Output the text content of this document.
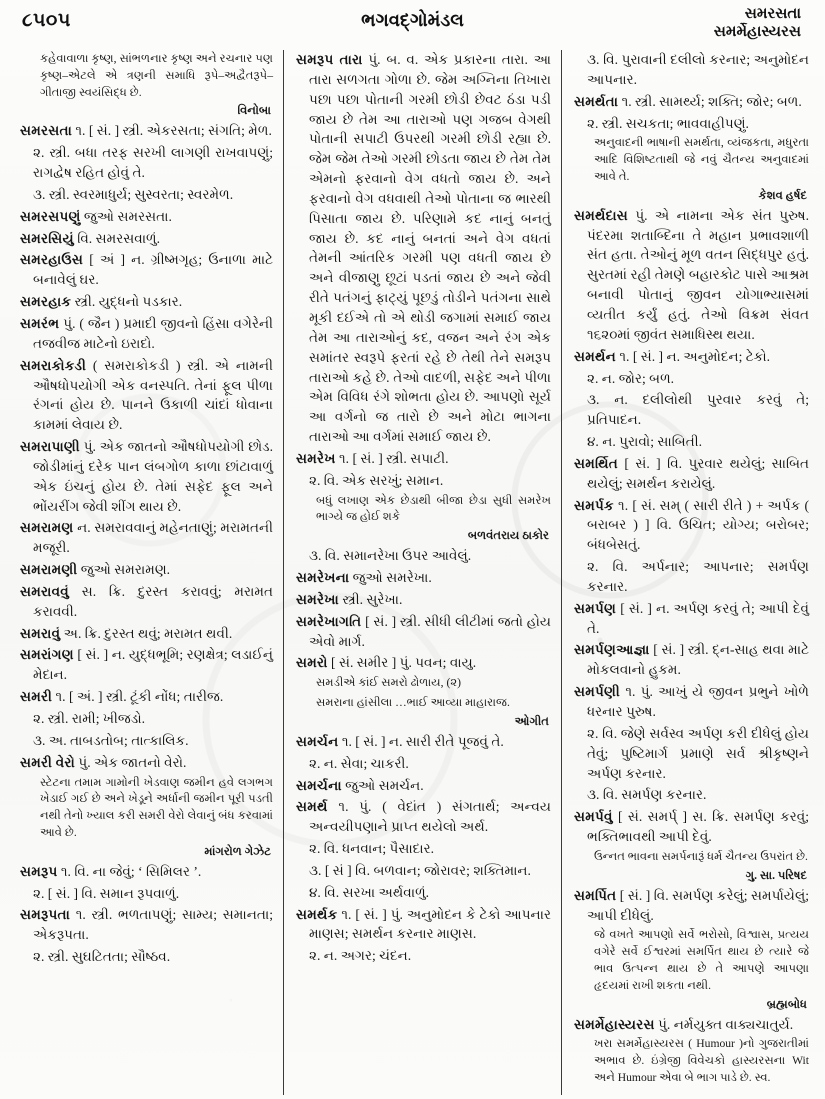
૮૫૦૫	ભગવદ્ગોમંડલ	સમરસતા
સમર્મેહાસ્યરસ

કહેવાવાળા કૃષ્ણ, સાંભળનાર કૃષ્ણ અને રચનાર પણ કૃષ્ણ–એટલે એ ત્રણની સમાધિ રૂપે–અદ્વૈતરૂપે–ગીતાજી સ્વયંસિદ્ધ છે.

વિનોબા

સમરસતા ૧. [ સં. ] સ્ત્રી. એકરસતા; સંગતિ; મેળ.

૨. સ્ત્રી. બધા તરફ સરખી લાગણી રાખવાપણું; રાગદ્વેષ રહિત હોવું તે.

૩. સ્ત્રી. સ્વરમાધુર્ય; સુસ્વરતા; સ્વરમેળ.

સમરસપણું જુઓ સમરસતા.

સમરસિયું વિ. સમરસવાળું.

સમરહાઉસ [ અં ] ન. ગ્રીષ્મગૃહ; ઉનાળા માટે બનાવેલું ઘર.

સમરહાક સ્ત્રી. યુદ્ધનો પડકાર.

સમરંભ પું. ( જૈન ) પ્રમાદી જીવનો હિંસા વગેરેની તજવીજ માટેનો ઇરાદો.

સમરાકોકડી ( સમરાકોકડી ) સ્ત્રી. એ નામની ઔષધોપયોગી એક વનસ્પતિ. તેનાં ફૂલ પીળા રંગનાં હોય છે. પાનને ઉકાળી ચાંદાં ધોવાના કામમાં લેવાય છે.

સમરાપાણી પું. એક જાતનો ઔષધોપયોગી છોડ. જોડીમાંનું દરેક પાન લંબગોળ કાળા છાંટાવાળું એક ઇંચનું હોય છે. તેમાં સફેદ ફૂલ અને ભોંયરીંગ જેવી શીંગ થાય છે.

સમરામણ ન. સમરાવવાનું મહેનતાણું; મરામતની મજૂરી.

સમરામણી જુઓ સમરામણ.

સમરાવવું સ. ક્રિ. દુરસ્ત કરાવવું; મરામત કરાવવી.

સમરાવું અ. ક્રિ. દુરસ્ત થવું; મરામત થવી.

સમરાંગણ [ સં. ] ન. યુદ્ધભૂમિ; રણક્ષેત્ર; લડાઈનું મેદાન.

સમરી ૧. [ અં. ] સ્ત્રી. ટૂંકી નોંધ; તારીજ.

૨. સ્ત્રી. રામી; ખીજડો.

૩. અ. તાબડતોબ; તાત્કાલિક.

સમરી વેરો પું. એક જાતનો વેરો.

સ્ટેટના તમામ ગામોની ખેડવાણ જમીન હવે લગભગ ખેડાઈ ગઈ છે અને ખેડૂને અર્ધાની જમીન પૂરી પડતી નથી તેનો ખ્યાલ કરી સમરી વેરો લેવાનું બંધ કરવામાં આવે છે.

માંગરોળ ગેઝેટ

સમરૂપ ૧. વિ. ના જેવું; ‘ સિમિલર ’.

૨. [ સં. ] વિ. સમાન રૂપવાળું.

સમરૂપતા ૧. સ્ત્રી. ભળતાપણું; સામ્ય; સમાનતા; એકરૂપતા.

૨. સ્ત્રી. સુઘટિતતા; સૌષ્ઠવ.

સમરૂપ તારા પું. બ. વ. એક પ્રકારના તારા. આ તારા સળગતા ગોળા છે. જેમ અગ્નિના તિખારા પછા પછા પોતાની ગરમી છોડી છેવટ ઠંડા પડી જાય છે તેમ આ તારાઓ પણ ગજબ વેગથી પોતાની સપાટી ઉપરથી ગરમી છોડી રહ્યા છે. જેમ જેમ તેઓ ગરમી છોડતા જાય છે તેમ તેમ એમનો ફરવાનો વેગ વધતો જાય છે. અને ફરવાનો વેગ વધવાથી તેઓ પોતાના જ ભારથી પિસાતા જાય છે. પરિણામે કદ નાનું બનતું જાય છે. કદ નાનું બનતાં અને વેગ વધતાં તેમની આંતરિક ગરમી પણ વધતી જાય છે અને વીજાણુ છૂટાં પડતાં જાય છે અને જેવી રીતે પતંગનું ફાટ્યું પૂછડું તોડીને પતંગના સાથે મૂકી દઈએ તો એ થોડી જગામાં સમાઈ જાય તેમ આ તારાઓનું કદ, વજન અને રંગ એક સમાંતર સ્વરૂપે ફરતાં રહે છે તેથી તેને સમરૂપ તારાઓ કહે છે. તેઓ વાદળી, સફેદ અને પીળા એમ વિવિધ રંગે શોભતા હોય છે. આપણો સૂર્ય આ વર્ગનો જ તારો છે અને મોટા ભાગના તારાઓ આ વર્ગમાં સમાઈ જાય છે.

સમરેખ ૧. [ સં. ] સ્ત્રી. સપાટી.

૨. વિ. એક સરખું; સમાન.

બધું લખાણ એક છેડાથી બીજા છેડા સુધી સમરેખ ભાગ્યે જ હોઈ શકે

બળવંતરાય ઠાકોર

૩. વિ. સમાનરેખા ઉપર આવેલું.

સમરેખના જુઓ સમરેખા.

સમરેખા સ્ત્રી. સુરેખા.

સમરેખાગતિ [ સં. ] સ્ત્રી. સીધી લીટીમાં જતો હોય એવો માર્ગ.

સમરો [ સં. સમીર ] પું. પવન; વાયુ.

સમડીએ કાંઈ સમરો ઢોળાય, (૨)

સમરાના હાંસીલા …ભાઈ આવ્યા માહારાજ.

ઓગીત

સમર્ચન ૧. [ સં. ] ન. સારી રીતે પૂજવું તે.

૨. ન. સેવા; ચાકરી.

સમર્ચના જુઓ સમર્ચન.

સમર્થ ૧. પું. ( વેદાંત ) સંગતાર્થ; અન્વય અન્વયીપણાને પ્રાપ્ત થયેલો અર્થ.

૨. વિ. ધનવાન; પૈસાદાર.

૩. [ સં ] વિ. બળવાન; જોરાવર; શક્તિમાન.

૪. વિ. સરખા અર્થવાળું.

સમર્થક ૧. [ સં. ] પું. અનુમોદન કે ટેકો આપનાર માણસ; સમર્થન કરનાર માણસ.

૨. ન. અગર; ચંદન.

૩. વિ. પુરાવાની દલીલો કરનાર; અનુમોદન આપનાર.

સમર્થતા ૧. સ્ત્રી. સામર્થ્ય; શક્તિ; જોર; બળ.

૨. સ્ત્રી. સચકતા; ભાવવાહીપણું.

અનુવાદની ભાષાની સમર્થતા, વ્યંજકતા, મધુરતા આદિ વિશિષ્ટતાથી જે નવું ચૈતન્ય અનુવાદમાં આવે તે.

કેશવ હર્ષદ

સમર્થદાસ પું. એ નામના એક સંત પુરુષ. પંદરમા શતાબ્દિના તે મહાન પ્રભાવશાળી સંત હતા. તેઓનું મૂળ વતન સિદ્ધપુર હતું. સુરતમાં રહી તેમણે બહારકોટ પાસે આશ્રમ બનાવી પોતાનું જીવન યોગાભ્યાસમાં વ્યતીત કર્યું હતું. તેઓ વિક્રમ સંવત ૧૬૨૦માં જીવંત સમાધિસ્થ થયા.

સમર્થન ૧. [ સં. ] ન. અનુમોદન; ટેકો.

૨. ન. જોર; બળ.

૩. ન. દલીલોથી પુરવાર કરવું તે; પ્રતિપાદન.

૪. ન. પુરાવો; સાબિતી.

સમર્થિત [ સં. ] વિ. પુરવાર થયેલું; સાબિત થયેલું; સમર્થન કરાયેલું.

સમર્પક ૧. [ સં. સમ્ ( સારી રીતે ) + અર્પક ( બરાબર ) ] વિ. ઉચિત; યોગ્ય; બરોબર; બંધબેસતું.

૨. વિ. અર્પનાર; આપનાર; સમર્પણ કરનાર.

સમર્પણ [ સં. ] ન. અર્પણ કરવું તે; આપી દેવું તે.

સમર્પણઆજ્ઞા [ સં. ] સ્ત્રી. દ્ન-સાહ થવા માટે મોકલવાનો હુકમ.

સમર્પણી ૧. પું. આખું યે જીવન પ્રભુને ખોળે ધરનાર પુરુષ.

૨. વિ. જેણે સર્વસ્વ અર્પણ કરી દીધેલું હોય તેવું; પુષ્ટિમાર્ગ પ્રમાણે સર્વ શ્રીકૃષ્ણને અર્પણ કરનાર.

૩. વિ. સમર્પણ કરનાર.

સમર્પવું [ સં. સમર્પ્ ] સ. ક્રિ. સમર્પણ કરવું; ભક્તિભાવથી આપી દેવું.

ઉન્નત ભાવના સમર્પનારૂં ધર્મ ચૈતન્ય ઉપરાંત છે.

ગુ. સા. પરિષદ

સમર્પિત [ સં. ] વિ. સમર્પણ કરેલું; સમર્પાયેલું; આપી દીધેલું.

જે વખતે આપણો સર્વે ભરોસો, વિશ્વાસ, પ્રત્યય વગેરે સર્વે ઈશ્વરમાં સમર્પિત થાય છે ત્યારે જે ભાવ ઉત્પન્ન થાય છે તે આપણે આપણા હૃદયમાં રાખી શકતા નથી.

બ્રહ્મબોધ

સમર્મેહાસ્યરસ પું. નર્મયુક્ત વાક્યચાતુર્ય.

ખરા સમર્મેહાસ્યરસ ( Humour )નો ગુજરાતીમાં અભાવ છે. ઇંગ્રેજી વિવેચકો હાસ્યરસના Wit અને Humour એવા બે ભાગ પાડે છે. સ્વ.
